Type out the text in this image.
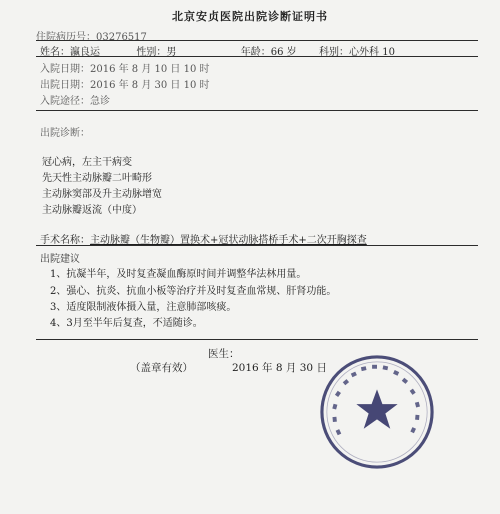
北京安贞医院出院诊断证明书
住院病历号：03276517
姓名：瀛良运	性别：男	年龄：66 岁 科别：心外科 10
入院日期：2016 年 8 月 10 日 10 时
出院日期：2016 年 8 月 30 日 10 时
入院途径：急诊
出院诊断：
冠心病，左主干病变
先天性主动脉瓣二叶畸形
主动脉窦部及升主动脉增宽
主动脉瓣返流（中度）
手术名称：主动脉瓣（生物瓣）置换术+冠状动脉搭桥手术+二次开胸探查
出院建议
1、抗凝半年，及时复查凝血酶原时间并调整华法林用量。
2、强心、抗炎、抗血小板等治疗并及时复查血常规、肝肾功能。
3、适度限制液体摄入量，注意肺部咳痰。
4、3月至半年后复查，不适随诊。
医生：
（盖章有效）	2016 年 8 月 30 日
